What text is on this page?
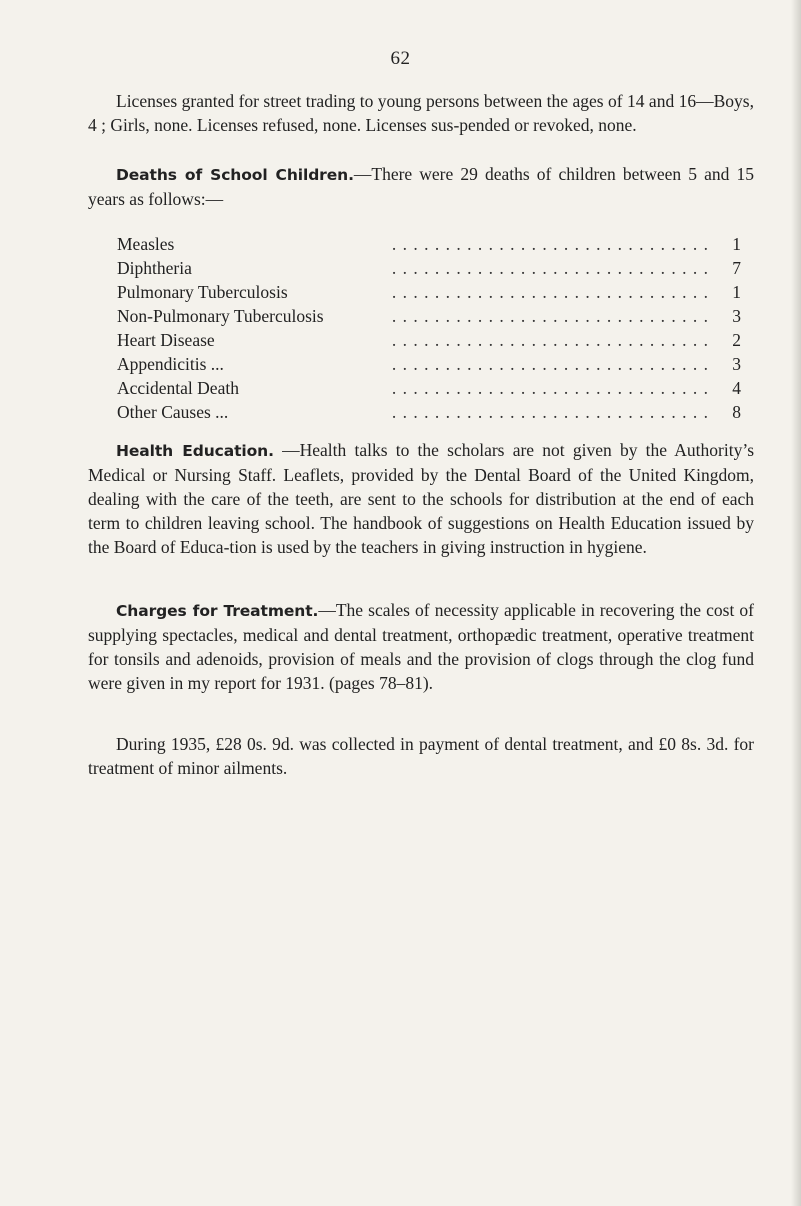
62

Licenses granted for street trading to young persons between the ages of 14 and 16—Boys, 4 ; Girls, none. Licenses refused, none. Licenses sus-pended or revoked, none.

Deaths of School Children.—There were 29 deaths of children between 5 and 15 years as follows:—

Measles	. . . . . . . . . . . . . . . . . . . . . . . . . . . . . .	1
Diphtheria	. . . . . . . . . . . . . . . . . . . . . . . . . . . . . .	7
Pulmonary Tuberculosis	. . . . . . . . . . . . . . . . . . . . . . . . . . . . . .	1
Non-Pulmonary Tuberculosis	. . . . . . . . . . . . . . . . . . . . . . . . . . . . . .	3
Heart Disease	. . . . . . . . . . . . . . . . . . . . . . . . . . . . . .	2
Appendicitis ...	. . . . . . . . . . . . . . . . . . . . . . . . . . . . . .	3
Accidental Death	. . . . . . . . . . . . . . . . . . . . . . . . . . . . . .	4
Other Causes ...	. . . . . . . . . . . . . . . . . . . . . . . . . . . . . .	8

Health Education. —Health talks to the scholars are not given by the Authority’s Medical or Nursing Staff. Leaflets, provided by the Dental Board of the United Kingdom, dealing with the care of the teeth, are sent to the schools for distribution at the end of each term to children leaving school. The handbook of suggestions on Health Education issued by the Board of Educa-tion is used by the teachers in giving instruction in hygiene.

Charges for Treatment.—The scales of necessity applicable in recovering the cost of supplying spectacles, medical and dental treatment, orthopædic treatment, operative treatment for tonsils and adenoids, provision of meals and the provision of clogs through the clog fund were given in my report for 1931. (pages 78–81).

During 1935, £28 0s. 9d. was collected in payment of dental treatment, and £0 8s. 3d. for treatment of minor ailments.
